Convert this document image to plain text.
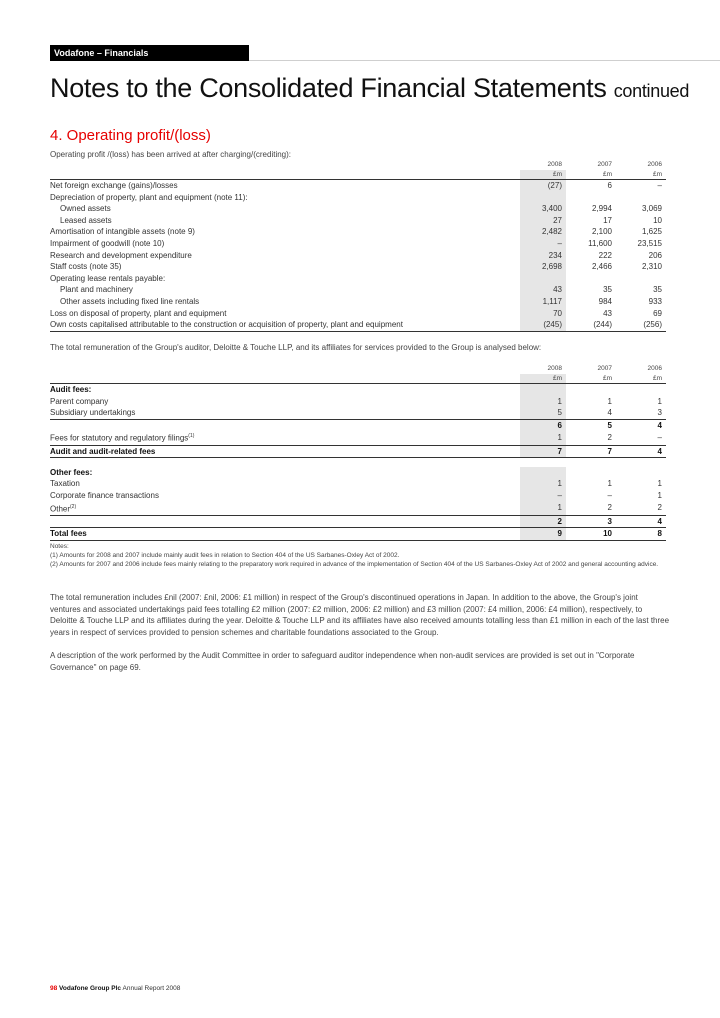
Vodafone – Financials
Notes to the Consolidated Financial Statements continued
4. Operating profit/(loss)
Operating profit /(loss) has been arrived at after charging/(crediting):
	2008		2007		2006
	£m		£m		£m
Net foreign exchange (gains)/losses	(27)		6		–
Depreciation of property, plant and equipment (note 11):					
Owned assets	3,400		2,994		3,069
Leased assets	27		17		10
Amortisation of intangible assets (note 9)	2,482		2,100		1,625
Impairment of goodwill (note 10)	–		11,600		23,515
Research and development expenditure	234		222		206
Staff costs (note 35)	2,698		2,466		2,310
Operating lease rentals payable:					
Plant and machinery	43		35		35
Other assets including fixed line rentals	1,117		984		933
Loss on disposal of property, plant and equipment	70		43		69
Own costs capitalised attributable to the construction or acquisition of property, plant and equipment	(245)		(244)		(256)
The total remuneration of the Group's auditor, Deloitte & Touche LLP, and its affiliates for services provided to the Group is analysed below:
	2008		2007		2006
	£m		£m		£m
Audit fees:					
Parent company	1		1		1
Subsidiary undertakings	5		4		3
	6		5		4
Fees for statutory and regulatory filings$^{(1)}$	1		2		–
Audit and audit-related fees	7		7		4

Other fees:					
Taxation	1		1		1
Corporate finance transactions	–		–		1
Other$^{(2)}$	1		2		2
	2		3		4
Total fees	9		10		8
Notes:
(1) Amounts for 2008 and 2007 include mainly audit fees in relation to Section 404 of the US Sarbanes-Oxley Act of 2002.
(2) Amounts for 2007 and 2006 include fees mainly relating to the preparatory work required in advance of the implementation of Section 404 of the US Sarbanes-Oxley Act of 2002 and general accounting advice.
The total remuneration includes £nil (2007: £nil, 2006: £1 million) in respect of the Group's discontinued operations in Japan. In addition to the above, the Group's joint ventures and associated undertakings paid fees totalling £2 million (2007: £2 million, 2006: £2 million) and £3 million (2007: £4 million, 2006: £4 million), respectively, to Deloitte & Touche LLP and its affiliates during the year. Deloitte & Touche LLP and its affiliates have also received amounts totalling less than £1 million in each of the last three years in respect of services provided to pension schemes and charitable foundations associated to the Group.
A description of the work performed by the Audit Committee in order to safeguard auditor independence when non-audit services are provided is set out in "Corporate Governance" on page 69.
98 Vodafone Group Plc Annual Report 2008
